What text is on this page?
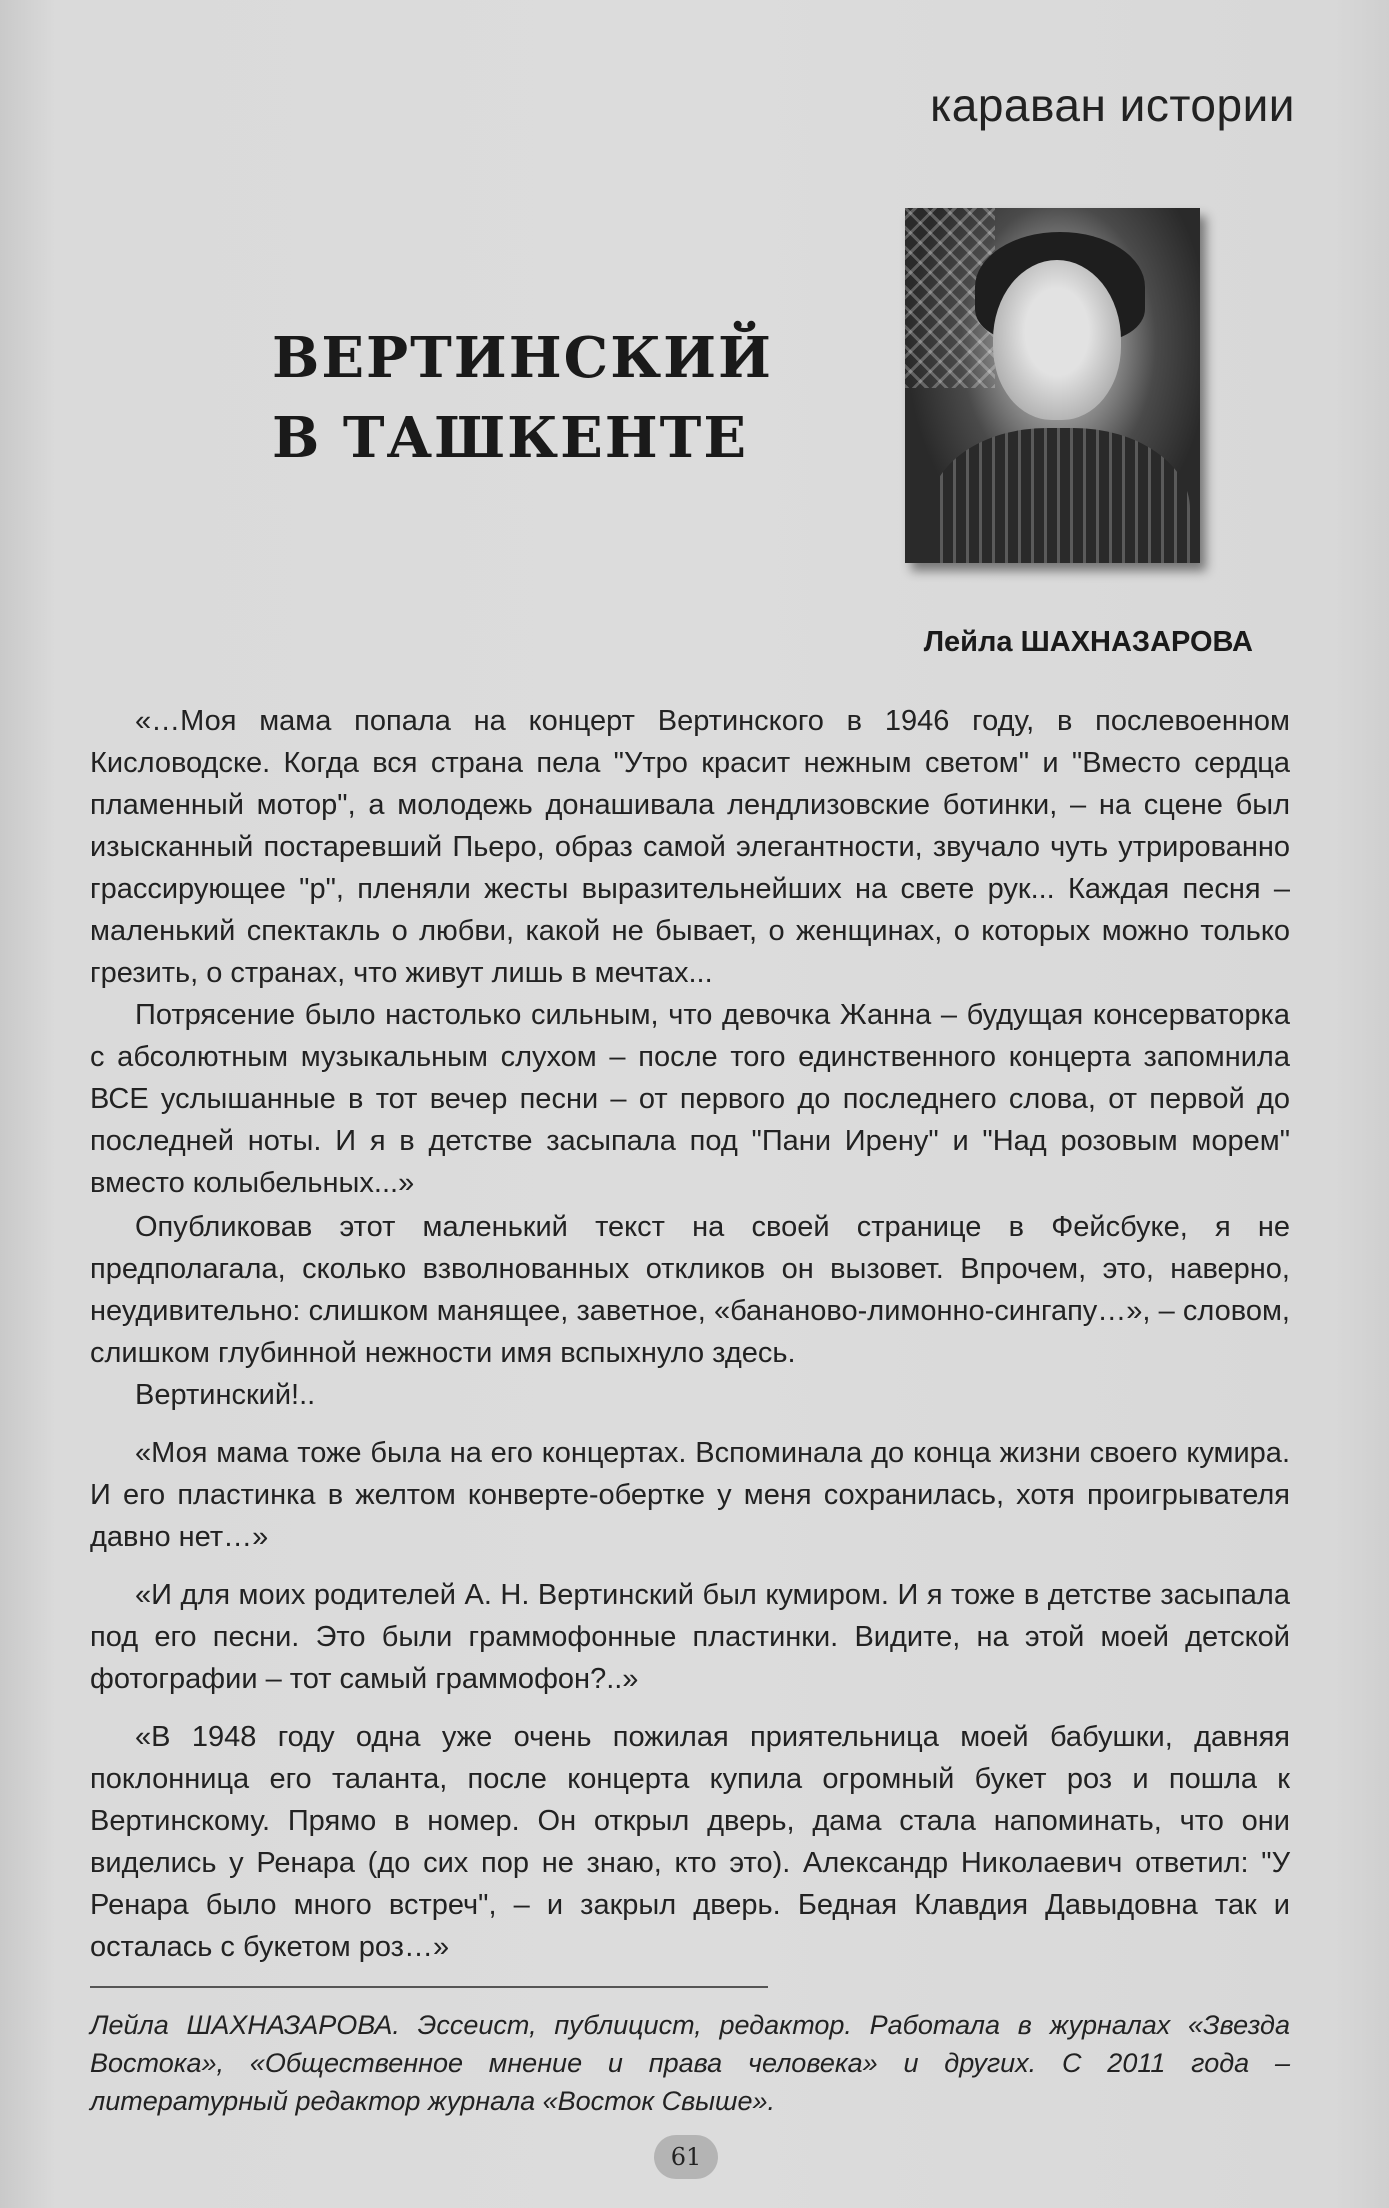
караван истории
ВЕРТИНСКИЙ
В ТАШКЕНТЕ
Лейла ШАХНАЗАРОВА

«…Моя мама попала на концерт Вертинского в 1946 году, в послевоенном Кисловодске. Когда вся страна пела "Утро красит нежным светом" и "Вместо сердца пламенный мотор", а молодежь донашивала лендлизовские ботинки, – на сцене был изысканный постаревший Пьеро, образ самой элегантности, звучало чуть утрированно грассирующее "р", пленяли жесты выразительнейших на свете рук... Каждая песня – маленький спектакль о любви, какой не бывает, о женщинах, о которых можно только грезить, о странах, что живут лишь в мечтах...

Потрясение было настолько сильным, что девочка Жанна – будущая консерваторка с абсолютным музыкальным слухом – после того единственного концерта запомнила ВСЕ услышанные в тот вечер песни – от первого до последнего слова, от первой до последней ноты. И я в детстве засыпала под "Пани Ирену" и "Над розовым морем" вместо колыбельных...»

Опубликовав этот маленький текст на своей странице в Фейсбуке, я не предполагала, сколько взволнованных откликов он вызовет. Впрочем, это, наверно, неудивительно: слишком манящее, заветное, «бананово-лимонно-сингапу…», – словом, слишком глубинной нежности имя вспыхнуло здесь.

Вертинский!..

«Моя мама тоже была на его концертах. Вспоминала до конца жизни своего кумира. И его пластинка в желтом конверте-обертке у меня сохранилась, хотя проигрывателя давно нет…»

«И для моих родителей А. Н. Вертинский был кумиром. И я тоже в детстве засыпала под его песни. Это были граммофонные пластинки. Видите, на этой моей детской фотографии – тот самый граммофон?..»

«В 1948 году одна уже очень пожилая приятельница моей бабушки, давняя поклонница его таланта, после концерта купила огромный букет роз и пошла к Вертинскому. Прямо в номер. Он открыл дверь, дама стала напоминать, что они виделись у Ренара (до сих пор не знаю, кто это). Александр Николаевич ответил: "У Ренара было много встреч", – и закрыл дверь. Бедная Клавдия Давыдовна так и осталась с букетом роз…»

Лейла ШАХНАЗАРОВА. Эссеист, публицист, редактор. Работала в журналах «Звезда Востока», «Общественное мнение и права человека» и других. С 2011 года – литературный редактор журнала «Восток Свыше».
61
